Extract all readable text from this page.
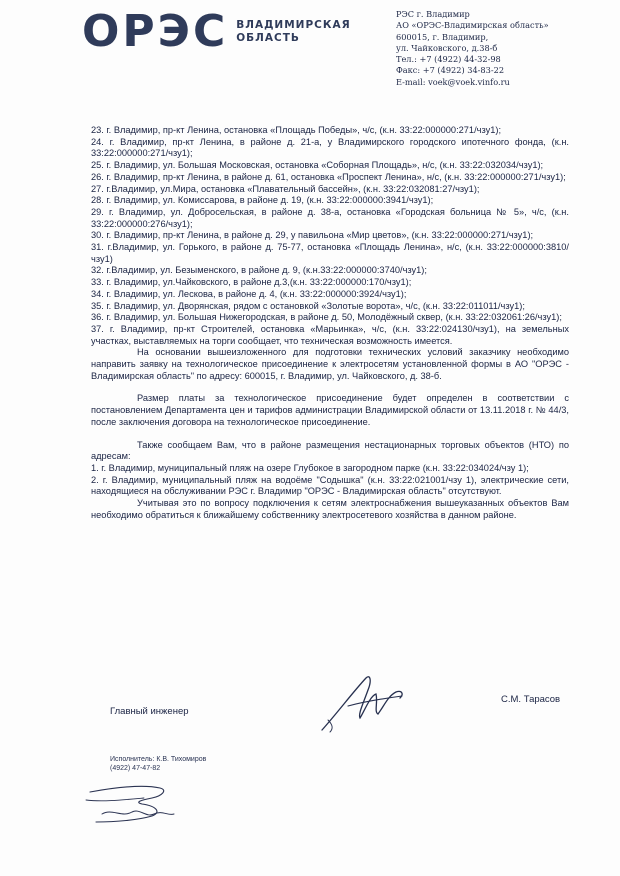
ОРЭС ВЛАДИМИРСКАЯ
ОБЛАСТЬ
РЭС г. Владимир
АО «ОРЭС-Владимирская область»
600015, г. Владимир,
ул. Чайковского, д.38-б
Тел.: +7 (4922) 44-32-98
Факс: +7 (4922) 34-83-22
E-mail: voek@voek.vinfo.ru
23. г. Владимир, пр-кт Ленина, остановка «Площадь Победы», ч/с, (к.н. 33:22:000000:271/чзу1);
24. г. Владимир, пр-кт Ленина, в районе д. 21-а, у Владимирского городского ипотечного фонда, (к.н. 33:22:000000:271/чзу1);
25. г. Владимир, ул. Большая Московская, остановка «Соборная Площадь», н/с, (к.н. 33:22:032034/чзу1);
26. г. Владимир, пр-кт Ленина, в районе д. 61, остановка «Проспект Ленина», н/с, (к.н. 33:22:000000:271/чзу1);
27. г.Владимир, ул.Мира, остановка «Плавательный бассейн», (к.н. 33:22:032081:27/чзу1);
28. г. Владимир, ул. Комиссарова, в районе д. 19, (к.н. 33:22:000000:3941/чзу1);
29. г. Владимир, ул. Добросельская, в районе д. 38-а, остановка «Городская больница № 5», ч/с, (к.н. 33:22:000000:276/чзу1);
30. г. Владимир, пр-кт Ленина, в районе д. 29, у павильона «Мир цветов», (к.н. 33:22:000000:271/чзу1);
31. г.Владимир, ул. Горького, в районе д. 75-77, остановка «Площадь Ленина», н/с, (к.н. 33:22:000000:3810/чзу1)
32. г.Владимир, ул. Безыменского, в районе д. 9, (к.н.33:22:000000:3740/чзу1);
33. г. Владимир, ул.Чайковского, в районе д.3,(к.н. 33:22:000000:170/чзу1);
34. г. Владимир, ул. Лескова, в районе д. 4, (к.н. 33:22:000000:3924/чзу1);
35. г. Владимир, ул. Дворянская, рядом с остановкой «Золотые ворота», ч/с, (к.н. 33:22:011011/чзу1);
36. г. Владимир, ул. Большая Нижегородская, в районе д. 50, Молодёжный сквер, (к.н. 33:22:032061:26/чзу1);
37. г. Владимир, пр-кт Строителей, остановка «Марьинка», ч/с, (к.н. 33:22:024130/чзу1), на земельных участках, выставляемых на торги сообщает, что техническая возможность имеется.
На основании вышеизложенного для подготовки технических условий заказчику необходимо направить заявку на технологическое присоединение к электросетям установленной формы в АО "ОРЭС - Владимирская область" по адресу: 600015, г. Владимир, ул. Чайковского, д. 38-б.
Размер платы за технологическое присоединение будет определен в соответствии с постановлением Департамента цен и тарифов администрации Владимирской области от 13.11.2018 г. № 44/3, после заключения договора на технологическое присоединение.
Также сообщаем Вам, что в районе размещения нестационарных торговых объектов (НТО) по адресам:
1. г. Владимир, муниципальный пляж на озере Глубокое в загородном парке (к.н. 33:22:034024/чзу 1);
2. г. Владимир, муниципальный пляж на водоёме "Содышка" (к.н. 33:22:021001/чзу 1), электрические сети, находящиеся на обслуживании РЭС г. Владимир "ОРЭС - Владимирская область" отсутствуют.
Учитывая это по вопросу подключения к сетям электроснабжения вышеуказанных объектов Вам необходимо обратиться к ближайшему собственнику электросетевого хозяйства в данном районе.
Главный инженер
С.М. Тарасов
Исполнитель: К.В. Тихомиров
(4922) 47-47-82
